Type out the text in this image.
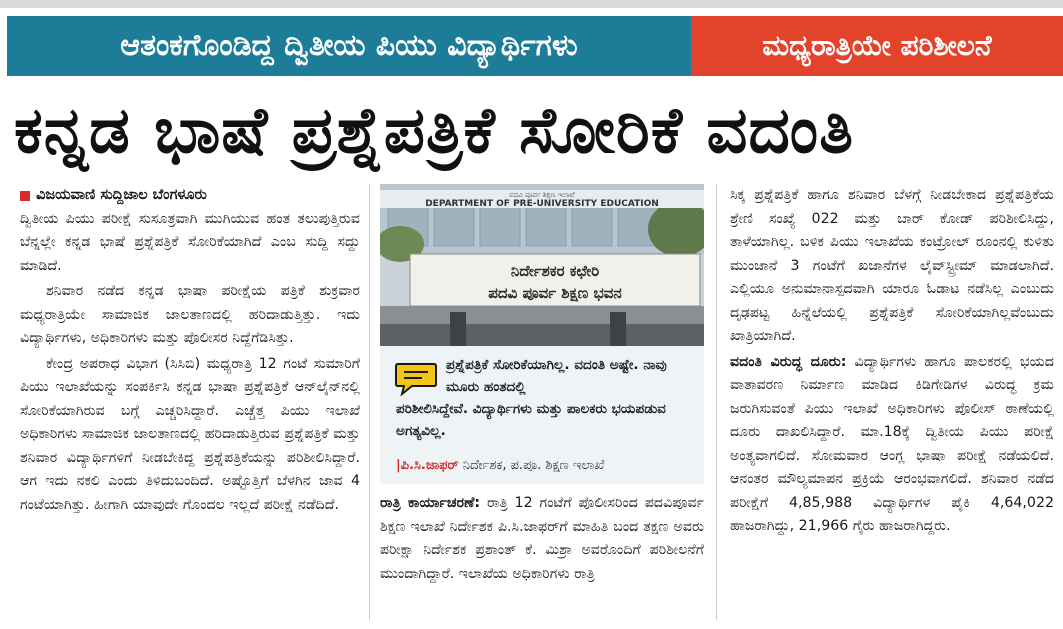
ಆತಂಕಗೊಂಡಿದ್ದ ದ್ವಿತೀಯ ಪಿಯು ವಿದ್ಯಾರ್ಥಿಗಳು	ಮಧ್ಯರಾತ್ರಿಯೇ ಪರಿಶೀಲನೆ
ಕನ್ನಡ ಭಾಷೆ ಪ್ರಶ್ನೆಪತ್ರಿಕೆ ಸೋರಿಕೆ ವದಂತಿ
ವಿಜಯವಾಣಿ ಸುದ್ದಿಜಾಲ ಬೆಂಗಳೂರು

ದ್ವಿತೀಯ ಪಿಯು ಪರೀಕ್ಷೆ ಸುಸೂತ್ರವಾಗಿ ಮುಗಿಯುವ ಹಂತ ತಲುಪುತ್ತಿರುವ ಬೆನ್ನಲ್ಲೇ ಕನ್ನಡ ಭಾಷೆ ಪ್ರಶ್ನೆಪತ್ರಿಕೆ ಸೋರಿಕೆಯಾಗಿದೆ ಎಂಬ ಸುದ್ದಿ ಸದ್ದು ಮಾಡಿದೆ.

ಶನಿವಾರ ನಡೆದ ಕನ್ನಡ ಭಾಷಾ ಪರೀಕ್ಷೆಯ ಪತ್ರಿಕೆ ಶುಕ್ರವಾರ ಮಧ್ಯರಾತ್ರಿಯೇ ಸಾಮಾಜಿಕ ಜಾಲತಾಣದಲ್ಲಿ ಹರಿದಾಡುತ್ತಿತ್ತು. ಇದು ವಿದ್ಯಾರ್ಥಿಗಳು, ಅಧಿಕಾರಿಗಳು ಮತ್ತು ಪೊಲೀಸರ ನಿದ್ದೆಗೆಡಿಸಿತ್ತು.

ಕೇಂದ್ರ ಅಪರಾಧ ವಿಭಾಗ (ಸಿಸಿಬಿ) ಮಧ್ಯರಾತ್ರಿ 12 ಗಂಟೆ ಸುಮಾರಿಗೆ ಪಿಯು ಇಲಾಖೆಯನ್ನು ಸಂಪರ್ಕಿಸಿ ಕನ್ನಡ ಭಾಷಾ ಪ್ರಶ್ನೆಪತ್ರಿಕೆ ಆನ್‌ಲೈನ್‌ನಲ್ಲಿ ಸೋರಿಕೆಯಾಗಿರುವ ಬಗ್ಗೆ ಎಚ್ಚರಿಸಿದ್ದಾರೆ. ಎಚ್ಚೆತ್ತ ಪಿಯು ಇಲಾಖೆ ಅಧಿಕಾರಿಗಳು ಸಾಮಾಜಿಕ ಜಾಲತಾಣದಲ್ಲಿ ಹರಿದಾಡುತ್ತಿರುವ ಪ್ರಶ್ನೆಪತ್ರಿಕೆ ಮತ್ತು ಶನಿವಾರ ವಿದ್ಯಾರ್ಥಿಗಳಿಗೆ ನೀಡಬೇಕಿದ್ದ ಪ್ರಶ್ನೆಪತ್ರಿಕೆಯನ್ನು ಪರಿಶೀಲಿಸಿದ್ದಾರೆ. ಆಗ ಇದು ನಕಲಿ ಎಂದು ತಿಳಿದುಬಂದಿದೆ. ಅಷ್ಟೊತ್ತಿಗೆ ಬೆಳಗಿನ ಜಾವ 4 ಗಂಟೆಯಾಗಿತ್ತು. ಹೀಗಾಗಿ ಯಾವುದೇ ಗೊಂದಲ ಇಲ್ಲದೆ ಪರೀಕ್ಷೆ ನಡೆದಿದೆ.

ಪದವಿ ಪೂರ್ವ ಶಿಕ್ಷಣ ಇಲಾಖೆ
DEPARTMENT OF PRE-UNIVERSITY EDUCATION
ನಿರ್ದೇಶಕರ ಕಛೇರಿ
ಪದವಿ ಪೂರ್ವ ಶಿಕ್ಷಣ ಭವನ
ಪ್ರಶ್ನೆಪತ್ರಿಕೆ ಸೋರಿಕೆಯಾಗಿಲ್ಲ. ವದಂತಿ ಅಷ್ಟೇ. ನಾವು ಮೂರು ಹಂತದಲ್ಲಿ
ಪರಿಶೀಲಿಸಿದ್ದೇವೆ. ವಿದ್ಯಾರ್ಥಿಗಳು ಮತ್ತು ಪಾಲಕರು ಭಯಪಡುವ ಅಗತ್ಯವಿಲ್ಲ.
|ಪಿ.ಸಿ.ಜಾಫರ್ ನಿರ್ದೇಶಕ, ಪ.ಪೂ. ಶಿಕ್ಷಣ ಇಲಾಖೆ

ರಾತ್ರಿ ಕಾರ್ಯಾಚರಣೆ: ರಾತ್ರಿ 12 ಗಂಟೆಗೆ ಪೊಲೀಸರಿಂದ ಪದವಿಪೂರ್ವ ಶಿಕ್ಷಣ ಇಲಾಖೆ ನಿರ್ದೇಶಕ ಪಿ.ಸಿ.ಜಾಫರ್‌ಗೆ ಮಾಹಿತಿ ಬಂದ ತಕ್ಷಣ ಅವರು ಪರೀಕ್ಷಾ ನಿರ್ದೇಶಕ ಪ್ರಶಾಂತ್ ಕೆ. ಮಿಶ್ರಾ ಅವರೊಂದಿಗೆ ಪರಿಶೀಲನೆಗೆ ಮುಂದಾಗಿದ್ದಾರೆ. ಇಲಾಖೆಯ ಅಧಿಕಾರಿಗಳು ರಾತ್ರಿ

ಸಿಕ್ಕ ಪ್ರಶ್ನೆಪತ್ರಿಕೆ ಹಾಗೂ ಶನಿವಾರ ಬೆಳಗ್ಗೆ ನೀಡಬೇಕಾದ ಪ್ರಶ್ನೆಪತ್ರಿಕೆಯ ಶ್ರೇಣಿ ಸಂಖ್ಯೆ 022 ಮತ್ತು ಬಾರ್ ಕೋಡ್ ಪರಿಶೀಲಿಸಿದ್ದು, ತಾಳೆಯಾಗಿಲ್ಲ. ಬಳಿಕ ಪಿಯು ಇಲಾಖೆಯ ಕಂಟ್ರೋಲ್ ರೂಂನಲ್ಲಿ ಕುಳಿತು ಮುಂಜಾನೆ 3 ಗಂಟೆಗೆ ಖಜಾನೆಗಳ ಲೈವ್‌ಸ್ಟ್ರೀಮ್ ಮಾಡಲಾಗಿದೆ. ಎಲ್ಲಿಯೂ ಅನುಮಾನಾಸ್ಪದವಾಗಿ ಯಾರೂ ಓಡಾಟ ನಡೆಸಿಲ್ಲ ಎಂಬುದು ದೃಢಪಟ್ಟ ಹಿನ್ನೆಲೆಯಲ್ಲಿ ಪ್ರಶ್ನೆಪತ್ರಿಕೆ ಸೋರಿಕೆಯಾಗಿಲ್ಲವೆಂಬುದು ಖಾತ್ರಿಯಾಗಿದೆ.

ವದಂತಿ ವಿರುದ್ಧ ದೂರು: ವಿದ್ಯಾರ್ಥಿಗಳು ಹಾಗೂ ಪಾಲಕರಲ್ಲಿ ಭಯದ ವಾತಾವರಣ ನಿರ್ಮಾಣ ಮಾಡಿದ ಕಿಡಿಗೇಡಿಗಳ ವಿರುದ್ಧ ಕ್ರಮ ಜರುಗಿಸುವಂತೆ ಪಿಯು ಇಲಾಖೆ ಅಧಿಕಾರಿಗಳು ಪೊಲೀಸ್ ಠಾಣೆಯಲ್ಲಿ ದೂರು ದಾಖಲಿಸಿದ್ದಾರೆ. ಮಾ.18ಕ್ಕೆ ದ್ವಿತೀಯ ಪಿಯು ಪರೀಕ್ಷೆ ಅಂತ್ಯವಾಗಲಿದೆ. ಸೋಮವಾರ ಆಂಗ್ಲ ಭಾಷಾ ಪರೀಕ್ಷೆ ನಡೆಯಲಿದೆ. ಆನಂತರ ಮೌಲ್ಯಮಾಪನ ಪ್ರಕ್ರಿಯೆ ಆರಂಭವಾಗಲಿದೆ. ಶನಿವಾರ ನಡೆದ ಪರೀಕ್ಷೆಗೆ 4,85,988 ವಿದ್ಯಾರ್ಥಿಗಳ ಪೈಕಿ 4,64,022 ಹಾಜರಾಗಿದ್ದು, 21,966 ಗೈರು ಹಾಜರಾಗಿದ್ದರು.
